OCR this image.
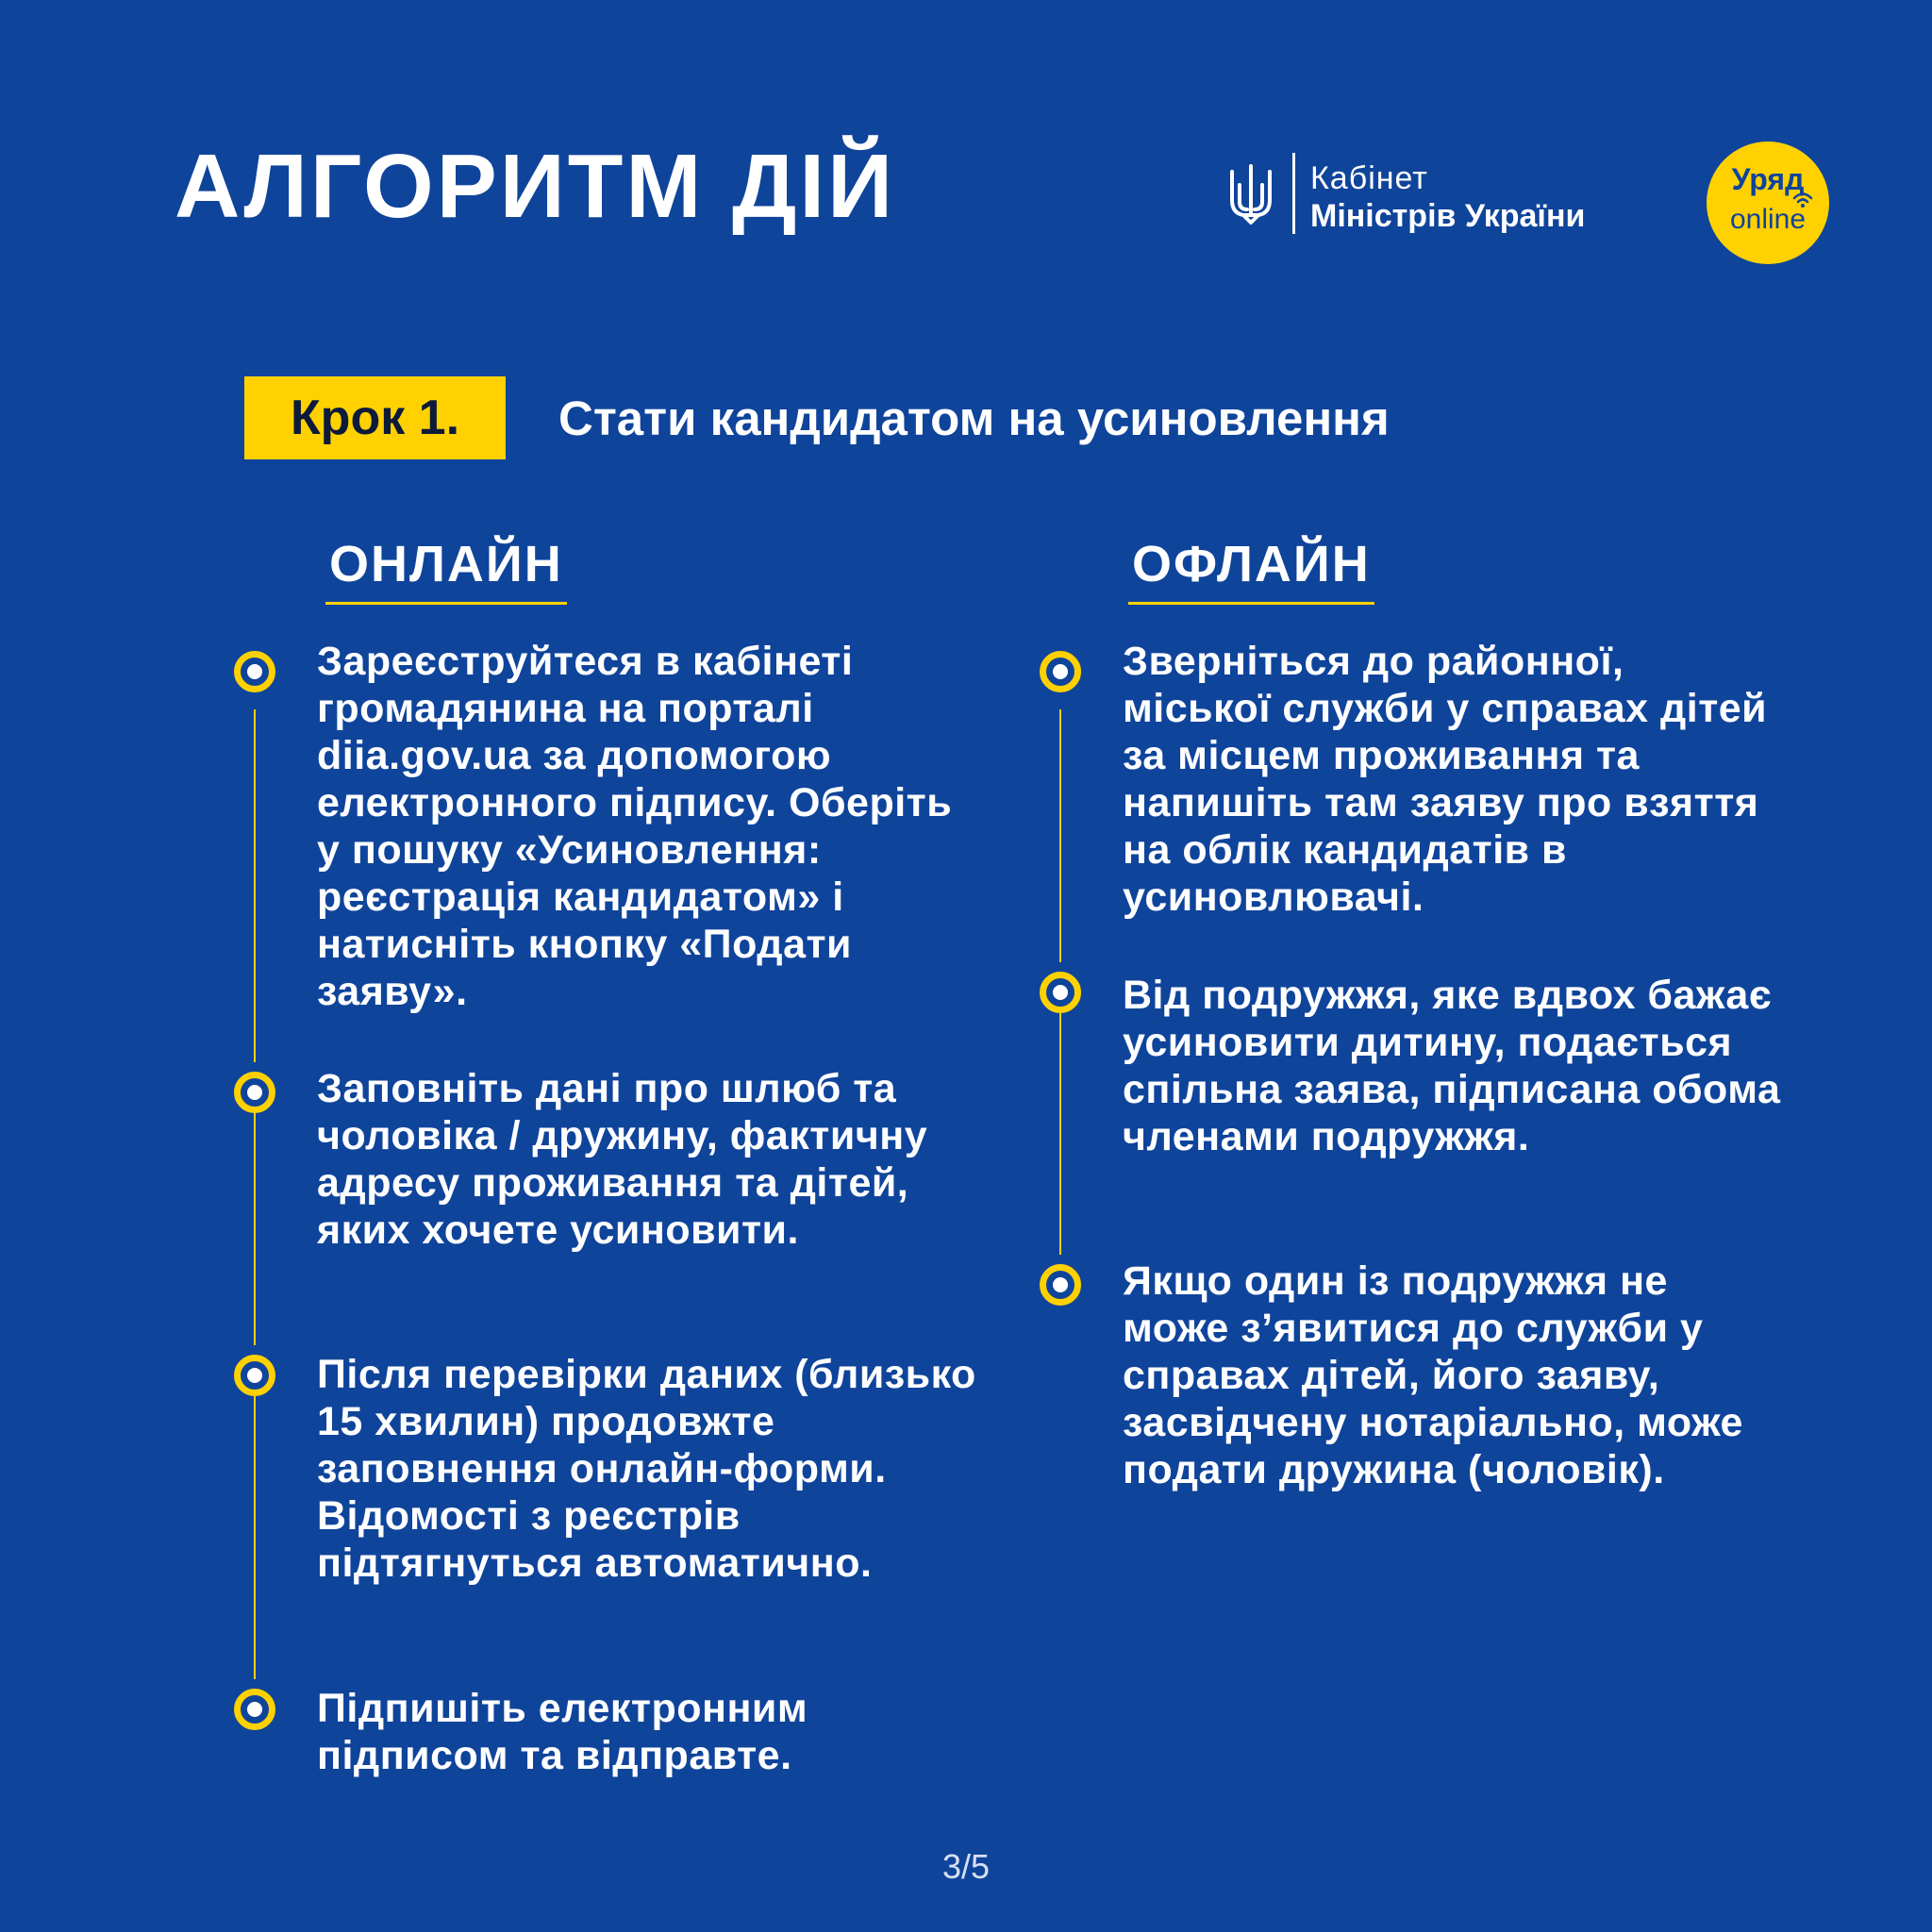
АЛГОРИТМ ДІЙ	Кабінет
Міністрів України
Уряд
online
Крок 1.	Стати кандидатом на усиновлення
ОНЛАЙН	ОФЛАЙН

Зареєструйтеся в кабінеті громадянина на порталі diia.gov.ua за допомогою електронного підпису. Оберіть у пошуку «Усиновлення: реєстрація кандидатом» і натисніть кнопку «Подати заяву».

Заповніть дані про шлюб та чоловіка / дружину, фактичну адресу проживання та дітей, яких хочете усиновити.

Після перевірки даних (близько 15 хвилин) продовжте заповнення онлайн-форми. Відомості з реєстрів підтягнуться автоматично.

Підпишіть електронним підписом та відправте.

Зверніться до районної, міської служби у справах дітей за місцем проживання та напишіть там заяву про взяття на облік кандидатів в усиновлювачі.

Від подружжя, яке вдвох бажає усиновити дитину, подається спільна заява, підписана обома членами подружжя.

Якщо один із подружжя не може з’явитися до служби у справах дітей, його заяву, засвідчену нотаріально, може подати дружина (чоловік).

3/5
